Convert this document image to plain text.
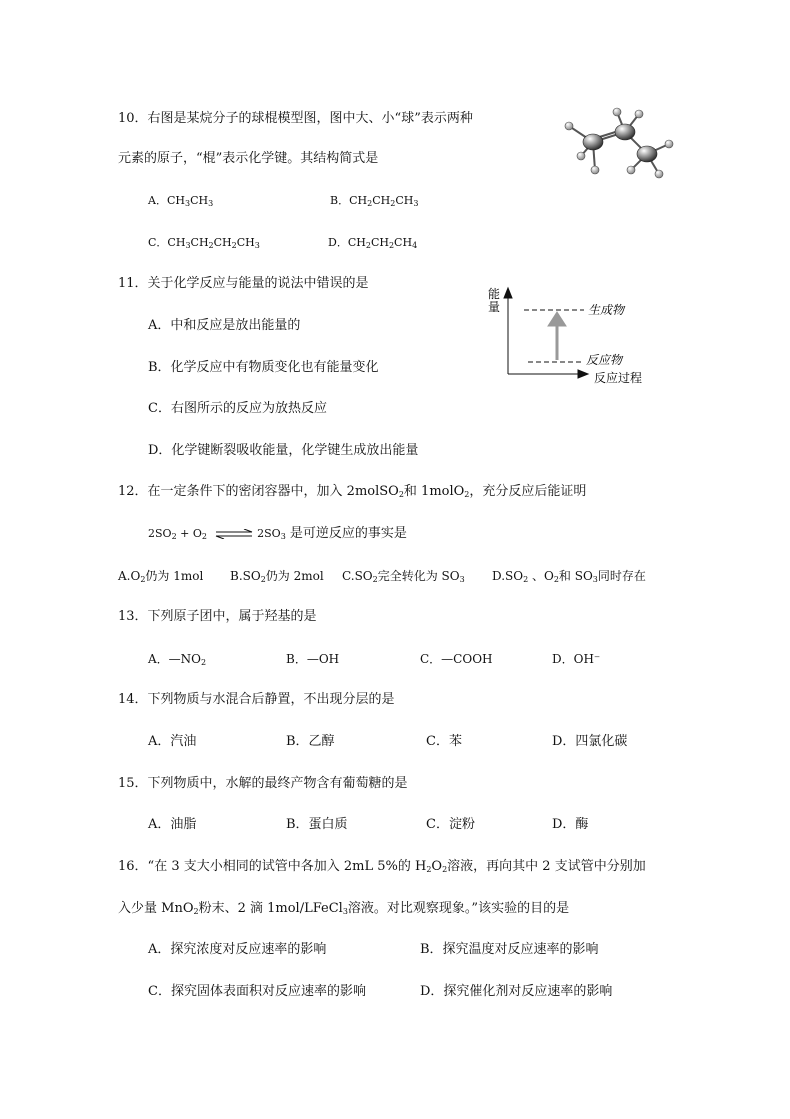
10．右图是某烷分子的球棍模型图，图中大、小“球”表示两种
元素的原子，“棍”表示化学键。其结构简式是
A．$CH_3CH_3$	B．$CH_2CH_2CH_3$
C．$CH_3CH_2CH_2CH_3$	D．$CH_2CH_2CH_4$
11．关于化学反应与能量的说法中错误的是
A．中和反应是放出能量的
B．化学反应中有物质变化也有能量变化
C．右图所示的反应为放热反应
D．化学键断裂吸收能量，化学键生成放出能量
能
量	生成物
反应物
反应过程
12．在一定条件下的密闭容器中，加入 2molSO$_2$和 1molO$_2$，充分反应后能证明
$2SO_2 + O_2$ ⇌ $2SO_3$ 是可逆反应的事实是
$A.O_2$仍为 1mol $B.SO_2$仍为 2mol $C.SO_2$完全转化为 $SO_3$ $D.SO_2$ 、$O_2$和 $SO_3$同时存在
13．下列原子团中，属于羟基的是
A．$—NO_2$	B．—OH	C．—COOH	D．OH⁻
14．下列物质与水混合后静置，不出现分层的是
A．汽油	B．乙醇	C．苯	D．四氯化碳
15．下列物质中，水解的最终产物含有葡萄糖的是
A．油脂	B．蛋白质	C．淀粉	D．酶
16．“在 3 支大小相同的试管中各加入 2mL 5%的 $H_2O_2$溶液，再向其中 2 支试管中分别加
入少量 MnO$_2$粉末、2 滴 1mol/LFeCl$_3$溶液。对比观察现象。”该实验的目的是
A．探究浓度对反应速率的影响	B．探究温度对反应速率的影响
C．探究固体表面积对反应速率的影响	D．探究催化剂对反应速率的影响
